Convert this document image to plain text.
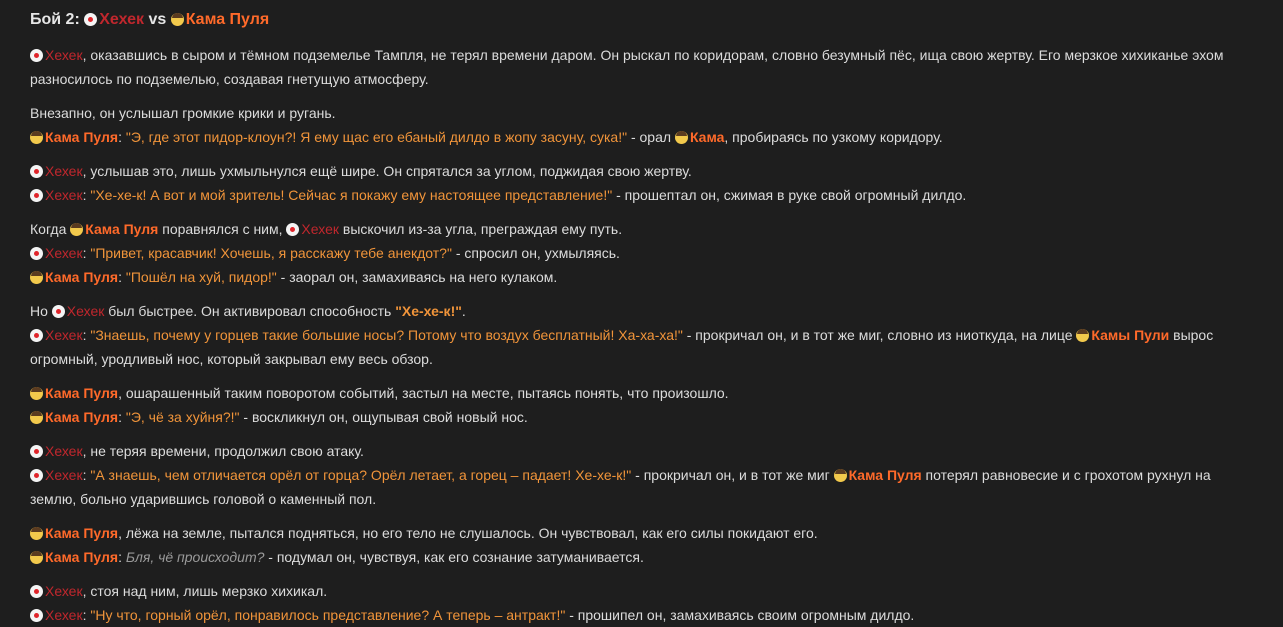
Бой 2: Хехек vs Кама Пуля
Хехек, оказавшись в сыром и тёмном подземелье Тампля, не терял времени даром. Он рыскал по коридорам, словно безумный пёс, ища свою жертву. Его мерзкое хихиканье эхом разносилось по подземелью, создавая гнетущую атмосферу.
Внезапно, он услышал громкие крики и ругань.
Кама Пуля: "Э, где этот пидор-клоун?! Я ему щас его ебаный дилдо в жопу засуну, сука!" - орал Кама, пробираясь по узкому коридору.
Хехек, услышав это, лишь ухмыльнулся ещё шире. Он спрятался за углом, поджидая свою жертву.
Хехек: "Хе-хе-к! А вот и мой зритель! Сейчас я покажу ему настоящее представление!" - прошептал он, сжимая в руке свой огромный дилдо.
Когда Кама Пуля поравнялся с ним, Хехек выскочил из-за угла, преграждая ему путь.
Хехек: "Привет, красавчик! Хочешь, я расскажу тебе анекдот?" - спросил он, ухмыляясь.
Кама Пуля: "Пошёл на хуй, пидор!" - заорал он, замахиваясь на него кулаком.
Но Хехек был быстрее. Он активировал способность "Хе-хе-к!".
Хехек: "Знаешь, почему у горцев такие большие носы? Потому что воздух бесплатный! Ха-ха-ха!" - прокричал он, и в тот же миг, словно из ниоткуда, на лице Камы Пули вырос огромный, уродливый нос, который закрывал ему весь обзор.
Кама Пуля, ошарашенный таким поворотом событий, застыл на месте, пытаясь понять, что произошло.
Кама Пуля: "Э, чё за хуйня?!" - воскликнул он, ощупывая свой новый нос.
Хехек, не теряя времени, продолжил свою атаку.
Хехек: "А знаешь, чем отличается орёл от горца? Орёл летает, а горец – падает! Хе-хе-к!" - прокричал он, и в тот же миг Кама Пуля потерял равновесие и с грохотом рухнул на землю, больно ударившись головой о каменный пол.
Кама Пуля, лёжа на земле, пытался подняться, но его тело не слушалось. Он чувствовал, как его силы покидают его.
Кама Пуля: Бля, чё происходит? - подумал он, чувствуя, как его сознание затуманивается.
Хехек, стоя над ним, лишь мерзко хихикал.
Хехек: "Ну что, горный орёл, понравилось представление? А теперь – антракт!" - прошипел он, замахиваясь своим огромным дилдо.
